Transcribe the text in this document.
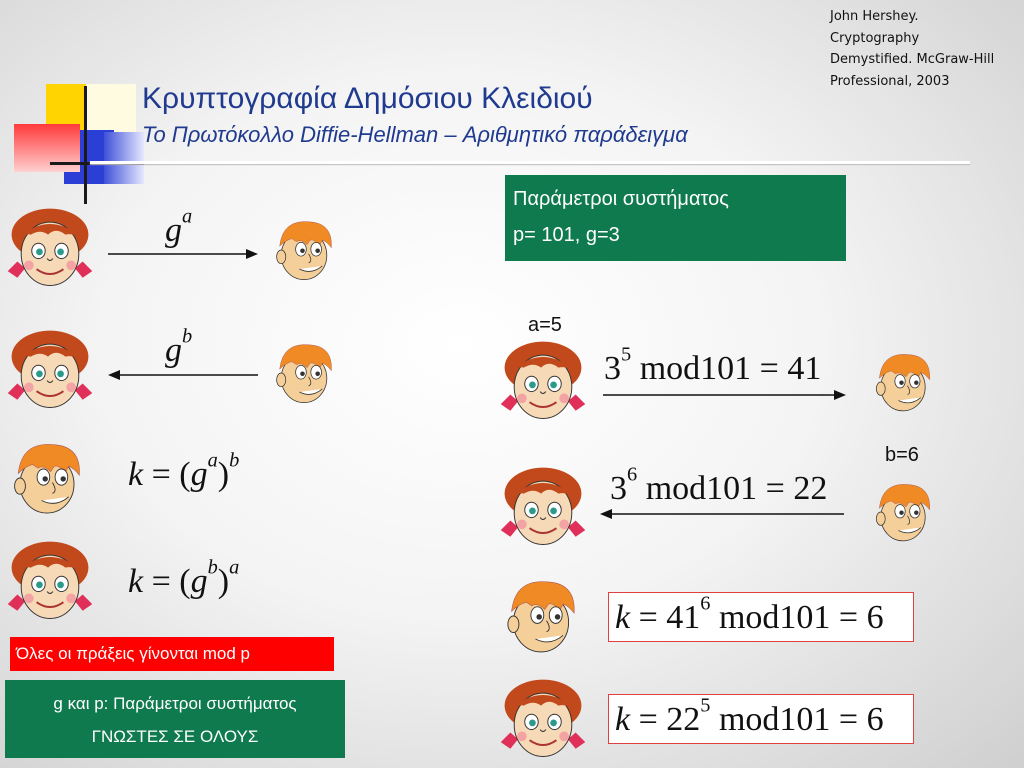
John Hershey.
Cryptography
Demystified. McGraw-Hill
Professional, 2003
Κρυπτογραφία Δημόσιου Κλειδιού
Το Πρωτόκολλο Diffie-Hellman – Αριθμητικό παράδειγμα
$g^a$
$g^b$
$k = (g^a)^b$
$k = (g^b)^a$
Όλες οι πράξεις γίνονται mod p
g και p: Παράμετροι συστήματος
ΓΝΩΣΤΕΣ ΣΕ ΟΛΟΥΣ
Παράμετροι συστήματος
p= 101, g=3
a=5
$3^5$ mod101 = 41
b=6
$3^6$ mod101 = 22
$k = 41^6$ mod101 = 6
$k = 22^5$ mod101 = 6
